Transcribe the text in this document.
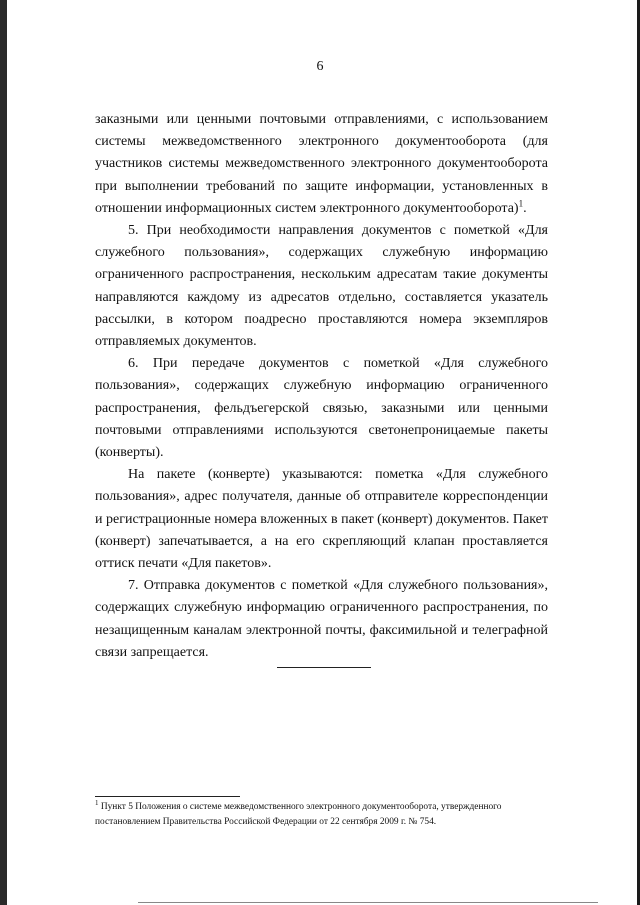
6

заказными или ценными почтовыми отправлениями, с использованием системы межведомственного электронного документооборота (для участников системы межведомственного электронного документооборота при выполнении требований по защите информации, установленных в отношении информационных систем электронного документооборота)$^1$.

5. При необходимости направления документов с пометкой «Для служебного пользования», содержащих служебную информацию ограниченного распространения, нескольким адресатам такие документы направляются каждому из адресатов отдельно, составляется указатель рассылки, в котором поадресно проставляются номера экземпляров отправляемых документов.

6. При передаче документов с пометкой «Для служебного пользования», содержащих служебную информацию ограниченного распространения, фельдъегерской связью, заказными или ценными почтовыми отправлениями используются светонепроницаемые пакеты (конверты).

На пакете (конверте) указываются: пометка «Для служебного пользования», адрес получателя, данные об отправителе корреспонденции и регистрационные номера вложенных в пакет (конверт) документов. Пакет (конверт) запечатывается, а на его скрепляющий клапан проставляется оттиск печати «Для пакетов».

7. Отправка документов с пометкой «Для служебного пользования», содержащих служебную информацию ограниченного распространения, по незащищенным каналам электронной почты, факсимильной и телеграфной связи запрещается.

$^1$ Пункт 5 Положения о системе межведомственного электронного документооборота, утвержденного постановлением Правительства Российской Федерации от 22 сентября 2009 г. № 754.
